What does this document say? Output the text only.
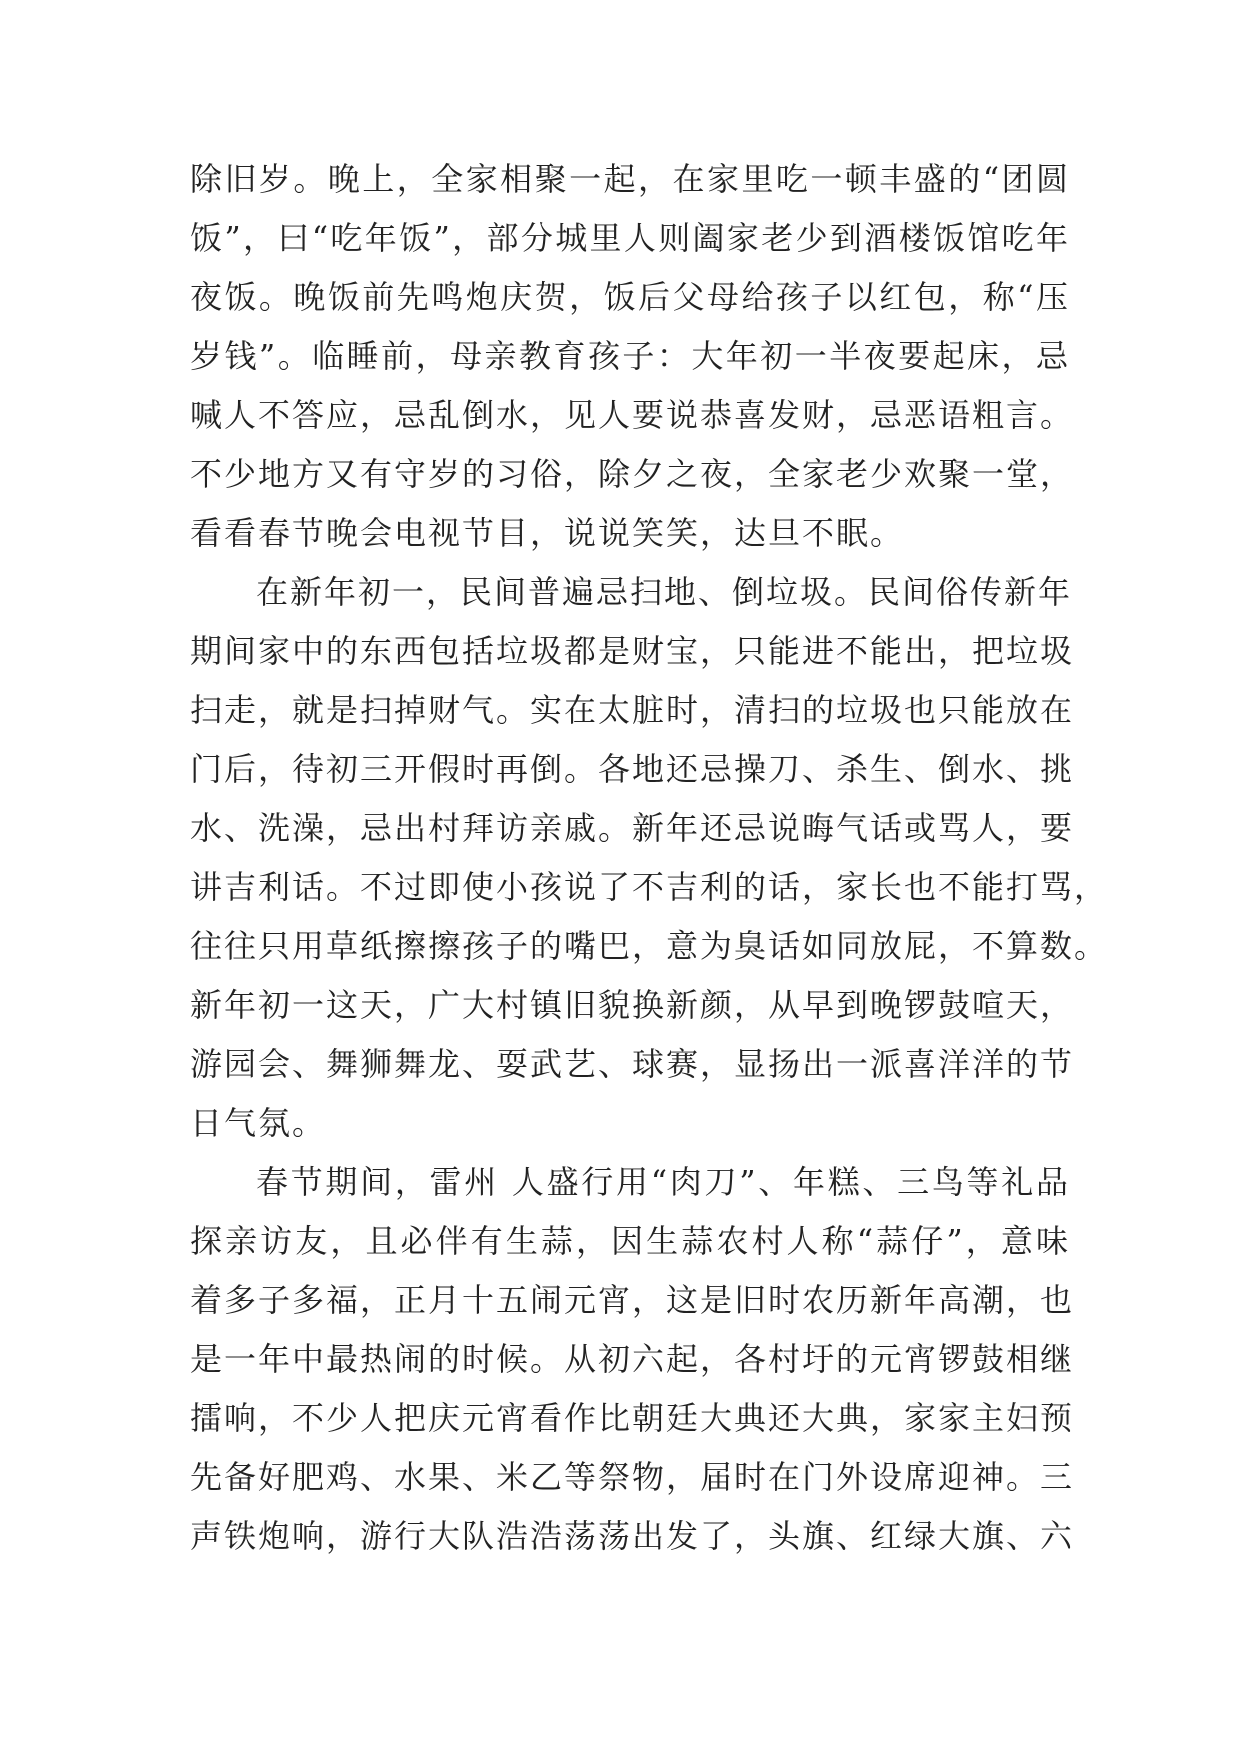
除旧岁。晚上，全家相聚一起，在家里吃一顿丰盛的“团圆
饭”，曰“吃年饭”，部分城里人则阖家老少到酒楼饭馆吃年
夜饭。晚饭前先鸣炮庆贺，饭后父母给孩子以红包，称“压
岁钱”。临睡前，母亲教育孩子：大年初一半夜要起床，忌
喊人不答应，忌乱倒水，见人要说恭喜发财，忌恶语粗言。
不少地方又有守岁的习俗，除夕之夜，全家老少欢聚一堂，
看看春节晚会电视节目，说说笑笑，达旦不眠。
在新年初一，民间普遍忌扫地、倒垃圾。民间俗传新年
期间家中的东西包括垃圾都是财宝，只能进不能出，把垃圾
扫走，就是扫掉财气。实在太脏时，清扫的垃圾也只能放在
门后，待初三开假时再倒。各地还忌操刀、杀生、倒水、挑
水、洗澡，忌出村拜访亲戚。新年还忌说晦气话或骂人，要
讲吉利话。不过即使小孩说了不吉利的话，家长也不能打骂，
往往只用草纸擦擦孩子的嘴巴，意为臭话如同放屁，不算数。
新年初一这天，广大村镇旧貌换新颜，从早到晚锣鼓喧天，
游园会、舞狮舞龙、耍武艺、球赛，显扬出一派喜洋洋的节
日气氛。
春节期间，雷州 人盛行用“肉刀”、年糕、三鸟等礼品
探亲访友，且必伴有生蒜，因生蒜农村人称“蒜仔”，意味
着多子多福，正月十五闹元宵，这是旧时农历新年高潮，也
是一年中最热闹的时候。从初六起，各村圩的元宵锣鼓相继
擂响，不少人把庆元宵看作比朝廷大典还大典，家家主妇预
先备好肥鸡、水果、米乙等祭物，届时在门外设席迎神。三
声铁炮响，游行大队浩浩荡荡出发了，头旗、红绿大旗、六
